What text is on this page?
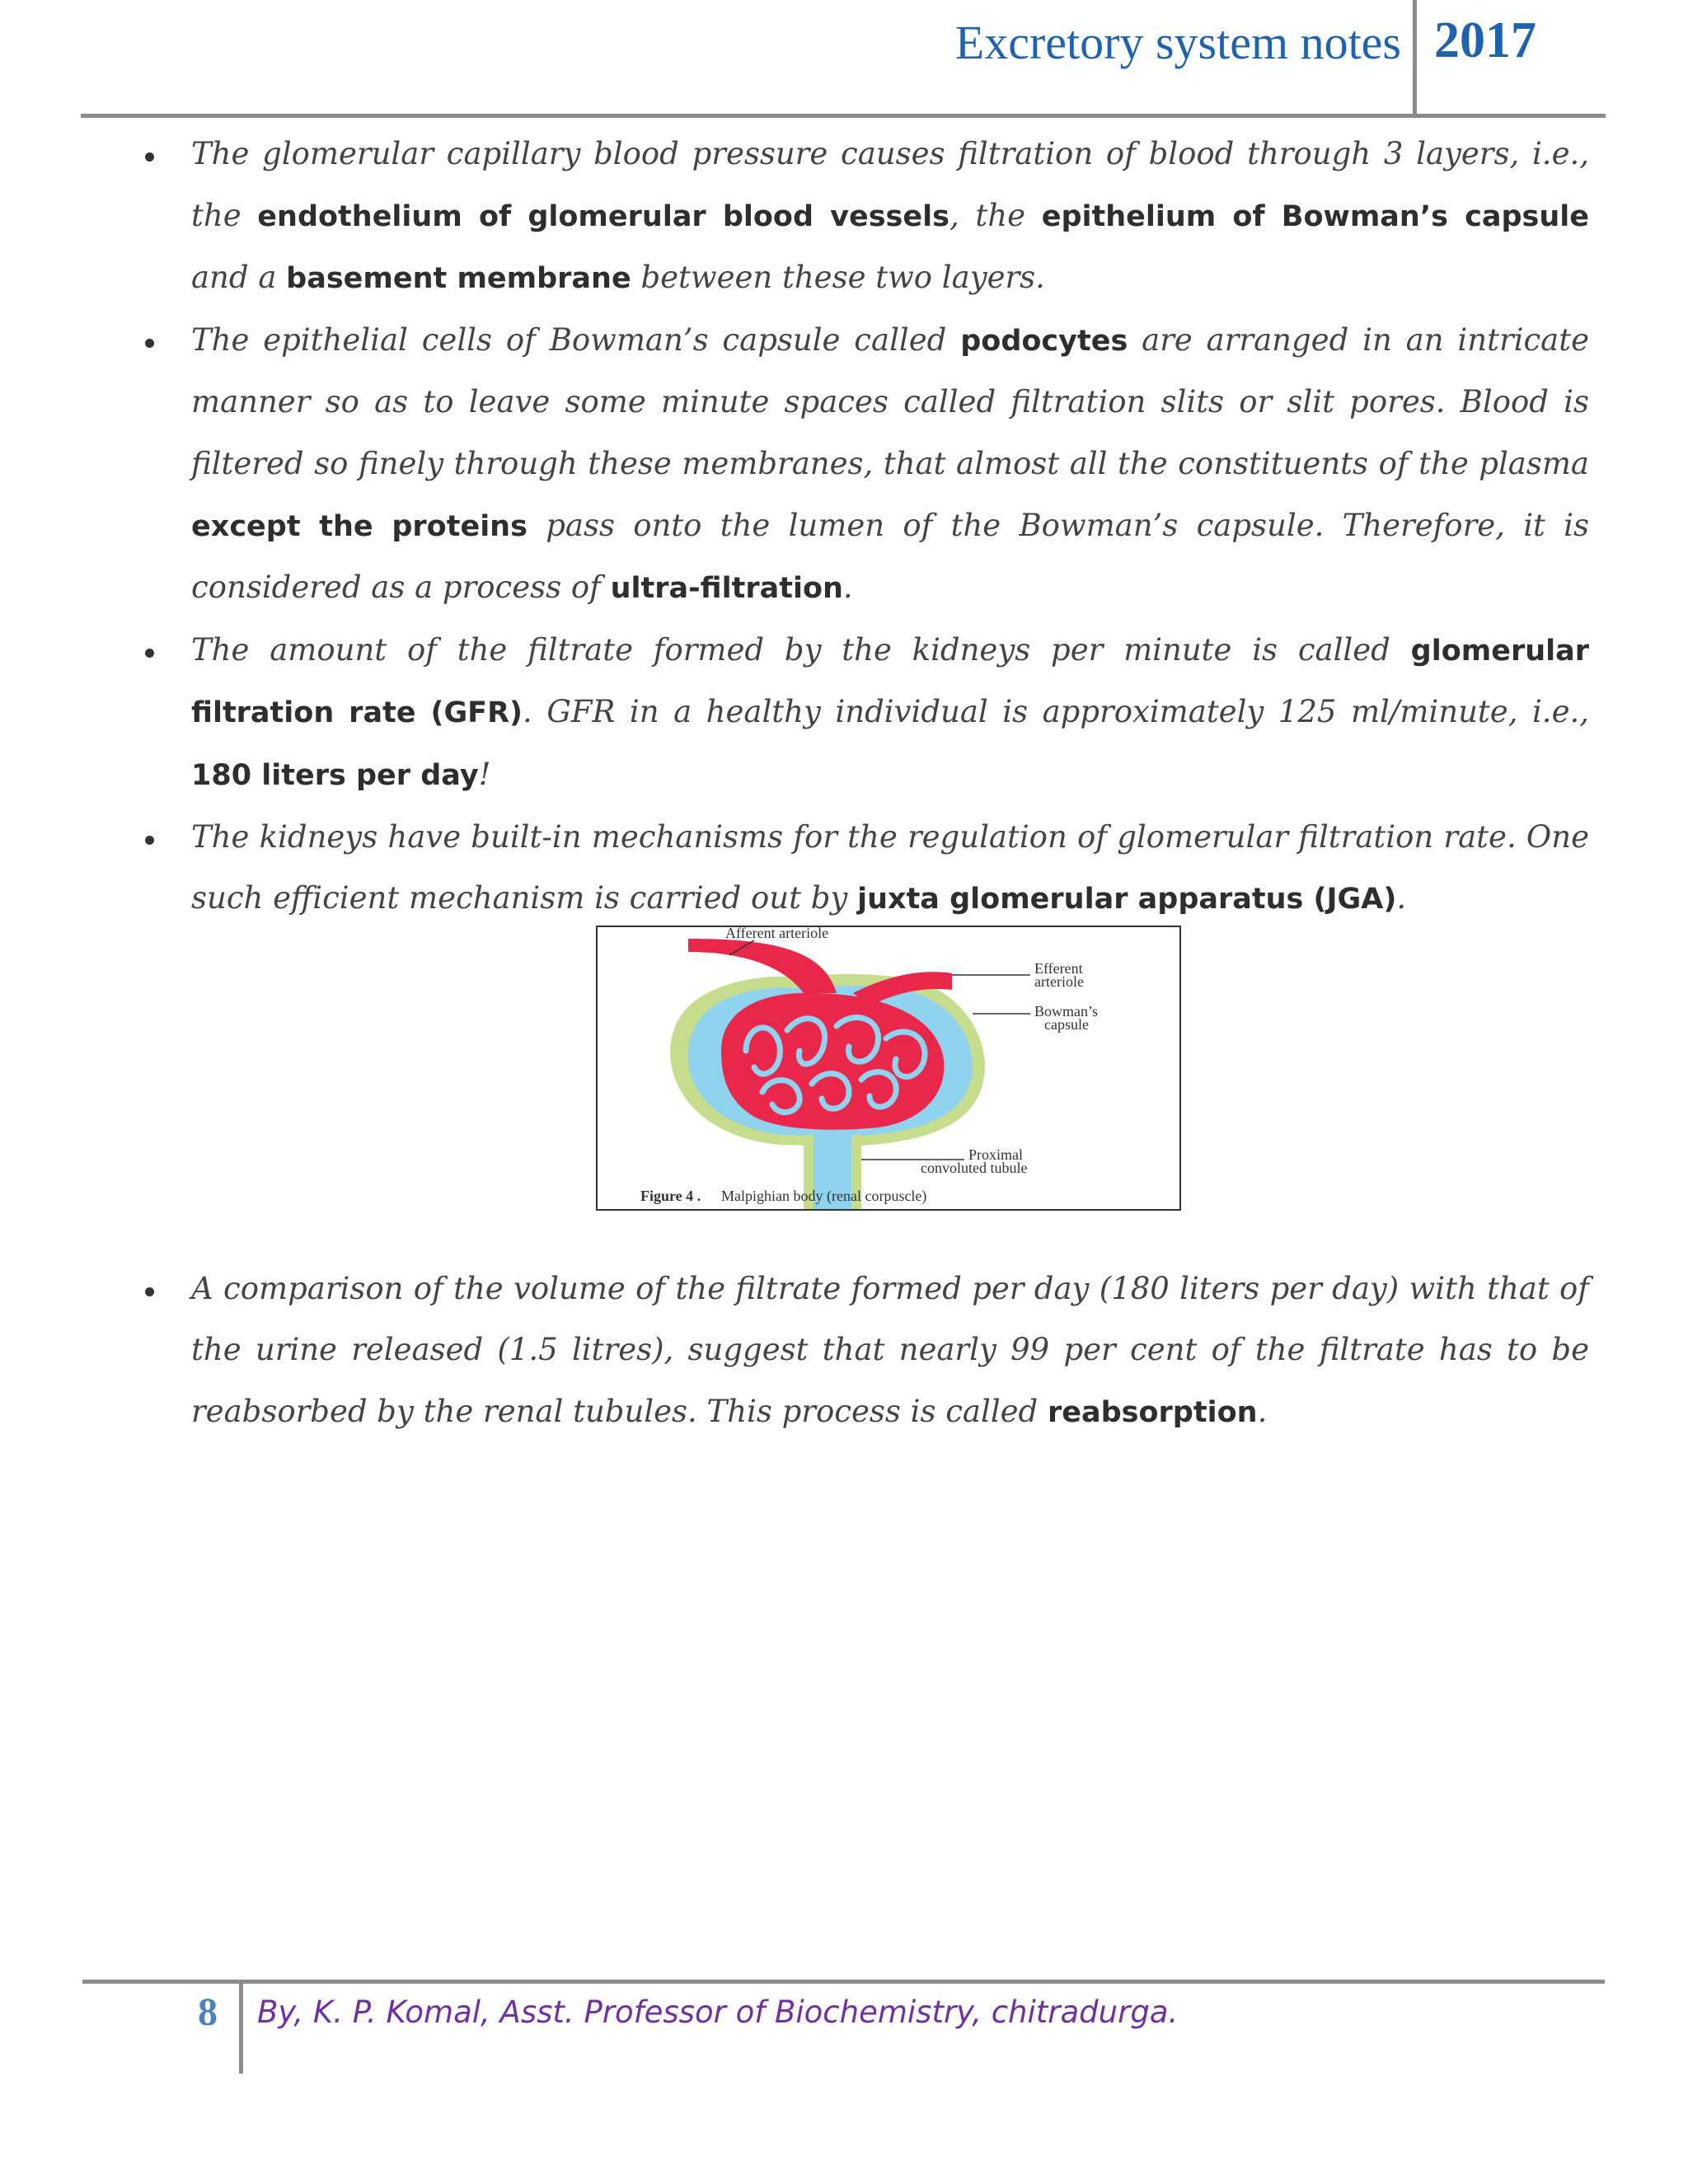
Excretory system notes 2017
The glomerular capillary blood pressure causes filtration of blood through 3 layers, i.e., the endothelium of glomerular blood vessels, the epithelium of Bowman’s capsule and a basement membrane between these two layers.
The epithelial cells of Bowman’s capsule called podocytes are arranged in an intricate manner so as to leave some minute spaces called filtration slits or slit pores. Blood is filtered so finely through these membranes, that almost all the constituents of the plasma except the proteins pass onto the lumen of the Bowman’s capsule. Therefore, it is considered as a process of ultra-filtration.
The amount of the filtrate formed by the kidneys per minute is called glomerular filtration rate (GFR). GFR in a healthy individual is approximately 125 ml/minute, i.e., 180 liters per day!
The kidneys have built-in mechanisms for the regulation of glomerular filtration rate. One such efficient mechanism is carried out by juxta glomerular apparatus (JGA).
A comparison of the volume of the filtrate formed per day (180 liters per day) with that of the urine released (1.5 litres), suggest that nearly 99 per cent of the filtrate has to be reabsorbed by the renal tubules. This process is called reabsorption.
Afferent arteriole
Efferent
arteriole
Bowman’s
capsule
Proximal
convoluted tubule
Figure 4 . Malpighian body (renal corpuscle)
8 By, K. P. Komal, Asst. Professor of Biochemistry, chitradurga.
